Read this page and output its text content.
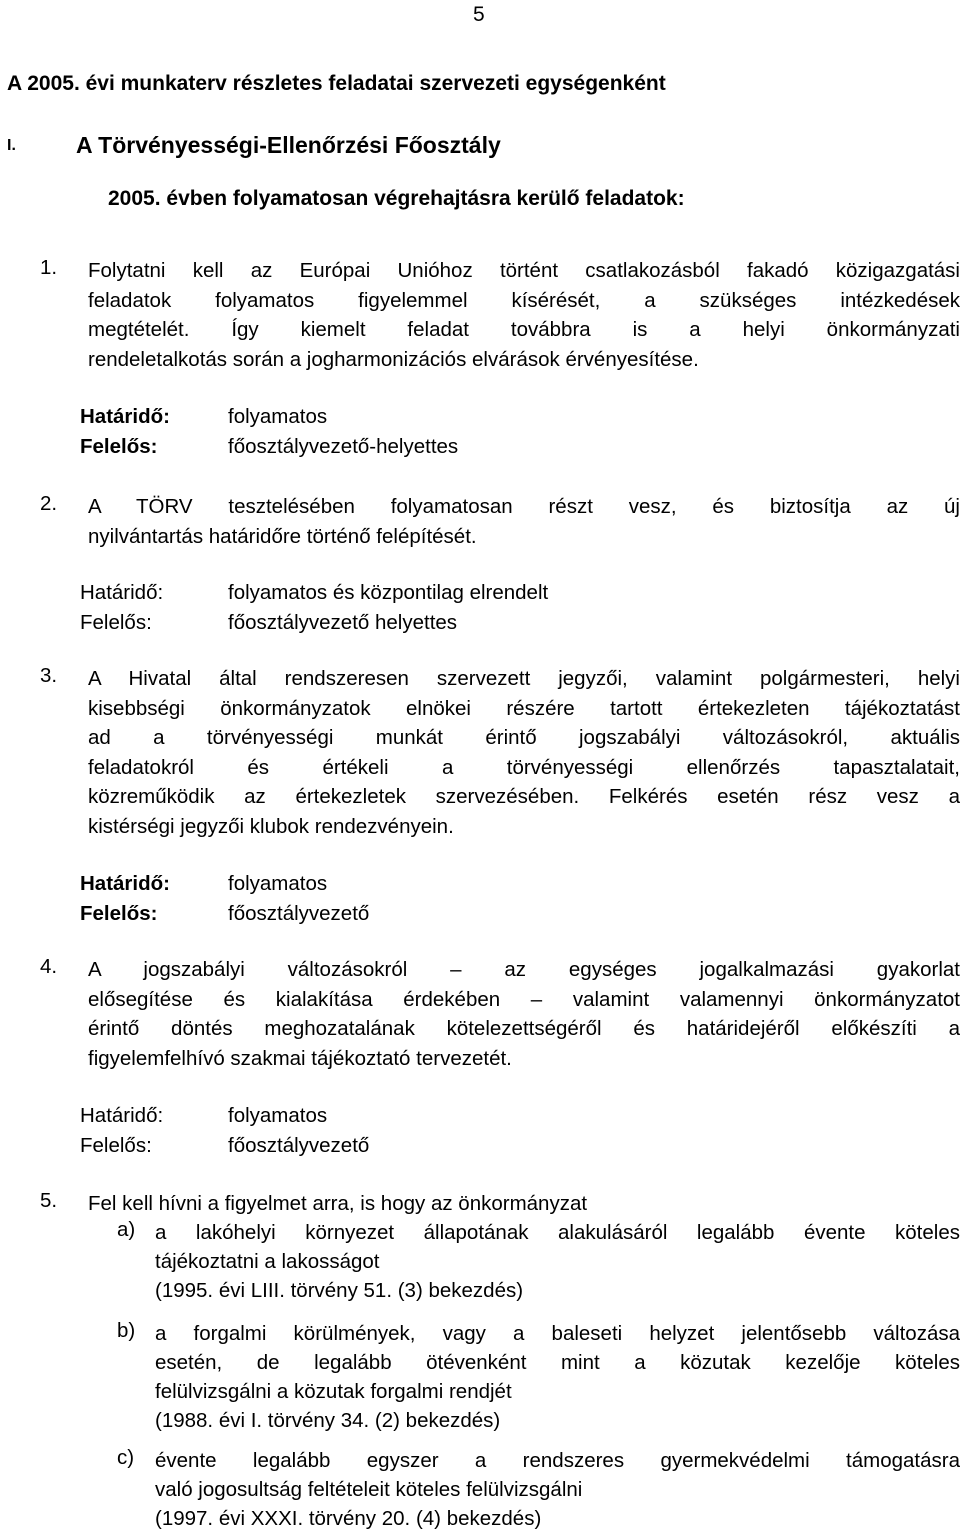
5
A 2005. évi munkaterv részletes feladatai szervezeti egységenként
I.	A Törvényességi-Ellenőrzési Főosztály
2005. évben folyamatosan végrehajtásra kerülő feladatok:
1. Folytatni kell az Európai Unióhoz történt csatlakozásból fakadó közigazgatási
feladatok folyamatos figyelemmel kísérését, a szükséges intézkedések
megtételét. Így kiemelt feladat továbbra is a helyi önkormányzati
rendeletalkotás során a jogharmonizációs elvárások érvényesítése.
Határidő:	folyamatos
Felelős:	főosztályvezető-helyettes
2. A TÖRV tesztelésében folyamatosan részt vesz, és biztosítja az új
nyilvántartás határidőre történő felépítését.
Határidő:	folyamatos és központilag elrendelt
Felelős:	főosztályvezető helyettes
3. A Hivatal által rendszeresen szervezett jegyzői, valamint polgármesteri, helyi
kisebbségi önkormányzatok elnökei részére tartott értekezleten tájékoztatást
ad a törvényességi munkát érintő jogszabályi változásokról, aktuális
feladatokról és értékeli a törvényességi ellenőrzés tapasztalatait,
közreműködik az értekezletek szervezésében. Felkérés esetén rész vesz a
kistérségi jegyzői klubok rendezvényein.
Határidő:	folyamatos
Felelős:	főosztályvezető
4. A jogszabályi változásokról – az egységes jogalkalmazási gyakorlat
elősegítése és kialakítása érdekében – valamint valamennyi önkormányzatot
érintő döntés meghozatalának kötelezettségéről és határidejéről előkészíti a
figyelemfelhívó szakmai tájékoztató tervezetét.
Határidő:	folyamatos
Felelős:	főosztályvezető
5. Fel kell hívni a figyelmet arra, is hogy az önkormányzat
a) a lakóhelyi környezet állapotának alakulásáról legalább évente köteles
tájékoztatni a lakosságot
(1995. évi LIII. törvény 51. (3) bekezdés)
b) a forgalmi körülmények, vagy a baleseti helyzet jelentősebb változása
esetén, de legalább ötévenként mint a közutak kezelője köteles
felülvizsgálni a közutak forgalmi rendjét
(1988. évi I. törvény 34. (2) bekezdés)
c) évente legalább egyszer a rendszeres gyermekvédelmi támogatásra
való jogosultság feltételeit köteles felülvizsgálni
(1997. évi XXXI. törvény 20. (4) bekezdés)
